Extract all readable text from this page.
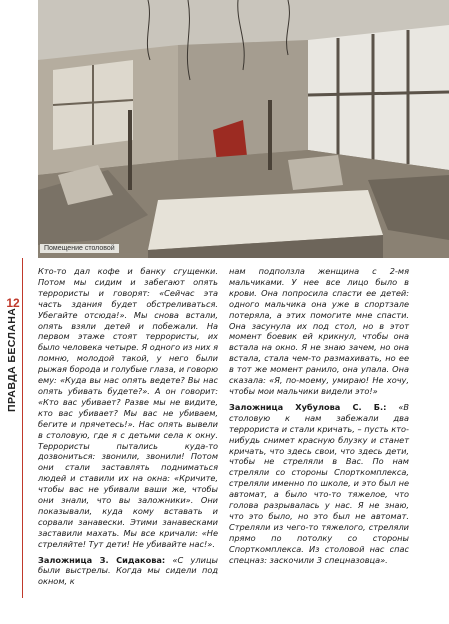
12
ПРАВДА БЕСЛАНА
Помещение столовой

Кто-то дал кофе и банку сгущенки. Потом мы сидим и забегают опять террористы и говорят: «Сейчас эта часть здания будет обстреливаться. Убегайте отсюда!». Мы снова встали, опять взяли детей и побежали. На первом этаже стоят террористы, их было человека четыре. Я одного из них я помню, молодой такой, у него были рыжая борода и голубые глаза, и говорю ему: «Куда вы нас опять ведете? Вы нас опять убивать будете?». А он говорит: «Кто вас убивает? Разве мы не видите, кто вас убивает? Мы вас не убиваем, бегите и прячетесь!». Нас опять вывели в столовую, где я с детьми села к окну. Террористы пытались куда-то дозвониться: звонили, звонили! Потом они стали заставлять подниматься людей и ставили их на окна: «Кричите, чтобы вас не убивали ваши же, чтобы они знали, что вы заложники». Они показывали, куда кому вставать и сорвали занавески. Этими занавесками заставили махать. Мы все кричали: «Не стреляйте! Тут дети! Не убивайте нас!».

Заложница З. Сидакова: «С улицы были выстрелы. Когда мы сидели под окном, к

нам подползла женщина с 2-мя мальчиками. У нее все лицо было в крови. Она попросила спасти ее детей: одного мальчика она уже в спортзале потеряла, а этих помогите мне спасти. Она засунула их под стол, но в этот момент боевик ей крикнул, чтобы она встала на окно. Я не знаю зачем, но она встала, стала чем-то размахивать, но ее в тот же момент ранило, она упала. Она сказала: «Я, по-моему, умираю! Не хочу, чтобы мои мальчики видели это!»

Заложница Хубулова С. Б.: «В столовую к нам забежали два террориста и стали кричать, – пусть кто-нибудь снимет красную блузку и станет кричать, что здесь свои, что здесь дети, чтобы не стреляли в Вас. По нам стреляли со стороны Спорткомплекса, стреляли именно по школе, и это был не автомат, а было что-то тяжелое, что голова разрывалась у нас. Я не знаю, что это было, но это был не автомат. Стреляли из чего-то тяжелого, стреляли прямо по потолку со стороны Спорткомплекса. Из столовой нас спас спецназ: заскочили 3 спецназовца».
